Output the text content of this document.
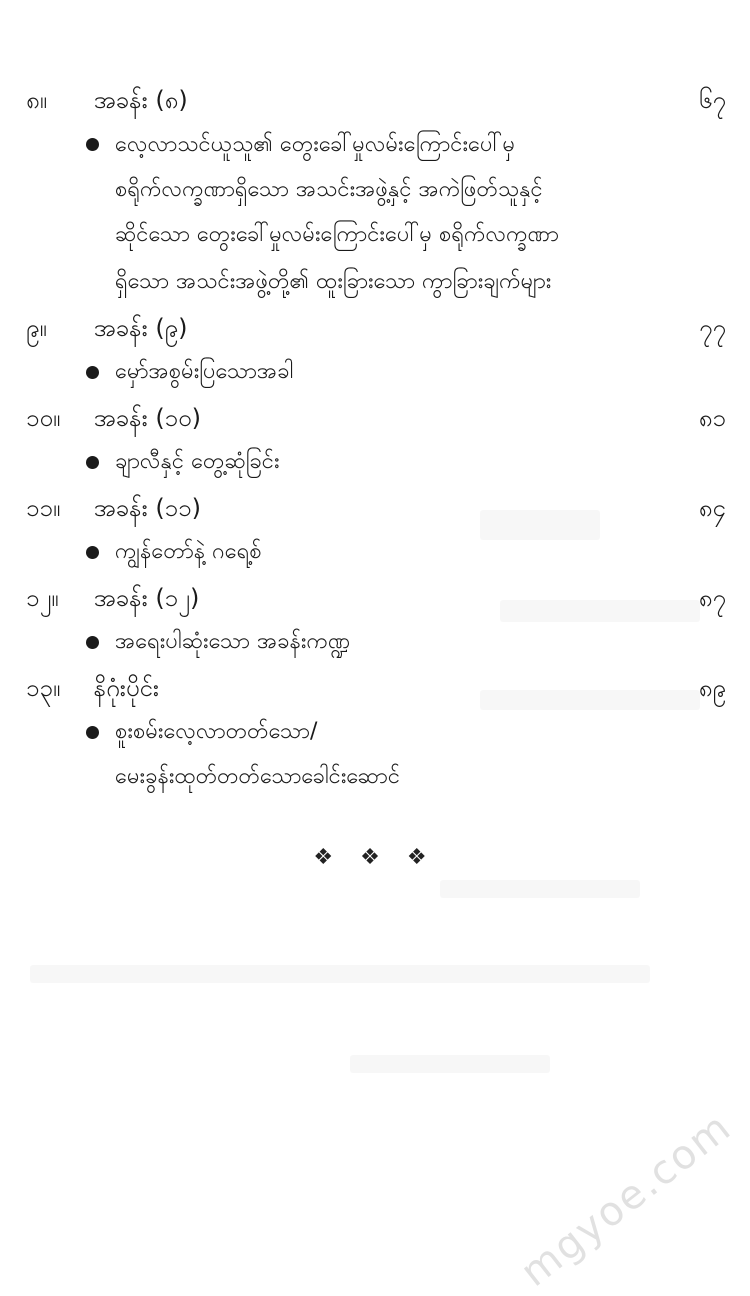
၈။ အခန်း (၈)	၆၇
လေ့လာသင်ယူသူ၏ တွေးခေါ်မှုလမ်းကြောင်းပေါ်မှ
စရိုက်လက္ခဏာရှိသော အသင်းအဖွဲ့နှင့် အကဲဖြတ်သူနှင့်
ဆိုင်သော တွေးခေါ်မှုလမ်းကြောင်းပေါ်မှ စရိုက်လက္ခဏာ
ရှိသော အသင်းအဖွဲ့တို့၏ ထူးခြားသော ကွာခြားချက်များ
၉။ အခန်း (၉)	၇၇
မှော်အစွမ်းပြသောအခါ
၁၀။ အခန်း (၁၀)	၈၁
ချာလီနှင့် တွေ့ဆုံခြင်း
၁၁။ အခန်း (၁၁)	၈၄
ကျွန်တော်နဲ့ ဂရေ့စ်
၁၂။ အခန်း (၁၂)	၈၇
အရေးပါဆုံးသော အခန်းကဏ္ဍ
၁၃။ နိဂုံးပိုင်း	၈၉
စူးစမ်းလေ့လာတတ်သော/
မေးခွန်းထုတ်တတ်သောခေါင်းဆောင်
❖ ❖ ❖
mgyoe.com
